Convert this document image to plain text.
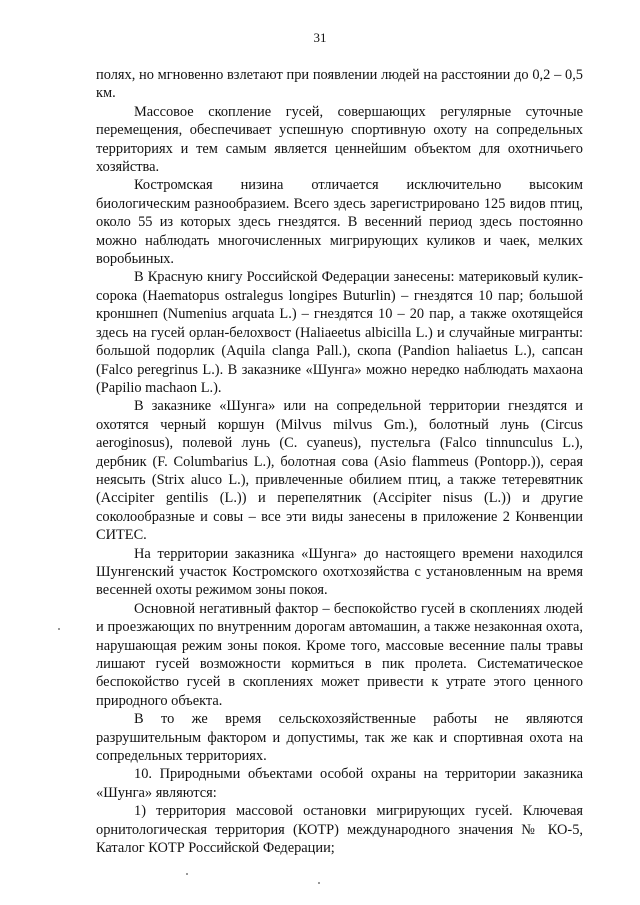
31

полях, но мгновенно взлетают при появлении людей на расстоянии до 0,2 – 0,5 км.

Массовое скопление гусей, совершающих регулярные суточные перемещения, обеспечивает успешную спортивную охоту на сопредельных территориях и тем самым является ценнейшим объектом для охотничьего хозяйства.

Костромская низина отличается исключительно высоким биологическим разнообразием. Всего здесь зарегистрировано 125 видов птиц, около 55 из которых здесь гнездятся. В весенний период здесь постоянно можно наблюдать многочисленных мигрирующих куликов и чаек, мелких воробьиных.

В Красную книгу Российской Федерации занесены: материковый кулик-сорока (Haematopus ostralegus longipes Buturlin) – гнездятся 10 пар; большой кроншнеп (Numenius arquata L.) – гнездятся 10 – 20 пар, а также охотящейся здесь на гусей орлан-белохвост (Haliaeetus albicilla L.) и случайные мигранты: большой подорлик (Aquila clanga Pall.), скопа (Pandion haliaetus L.), сапсан (Falco peregrinus L.). В заказнике «Шунга» можно нередко наблюдать махаона (Papilio machaon L.).

В заказнике «Шунга» или на сопредельной территории гнездятся и охотятся черный коршун (Milvus milvus Gm.), болотный лунь (Circus aeroginosus), полевой лунь (C. cyaneus), пустельга (Falco tinnunculus L.), дербник (F. Columbarius L.), болотная сова (Asio flammeus (Pontopp.)), серая неясыть (Strix aluco L.), привлеченные обилием птиц, а также тетеревятник (Accipiter gentilis (L.)) и перепелятник (Accipiter nisus (L.)) и другие соколообразные и совы – все эти виды занесены в приложение 2 Конвенции СИТЕС.

На территории заказника «Шунга» до настоящего времени находился Шунгенский участок Костромского охотхозяйства с установленным на время весенней охоты режимом зоны покоя.

Основной негативный фактор – беспокойство гусей в скоплениях людей и проезжающих по внутренним дорогам автомашин, а также незаконная охота, нарушающая режим зоны покоя. Кроме того, массовые весенние палы травы лишают гусей возможности кормиться в пик пролета. Систематическое беспокойство гусей в скоплениях может привести к утрате этого ценного природного объекта.

В то же время сельскохозяйственные работы не являются разрушительным фактором и допустимы, так же как и спортивная охота на сопредельных территориях.

10. Природными объектами особой охраны на территории заказника «Шунга» являются:

1) территория массовой остановки мигрирующих гусей. Ключевая орнитологическая территория (КОТР) международного значения № КО-5, Каталог КОТР Российской Федерации;
